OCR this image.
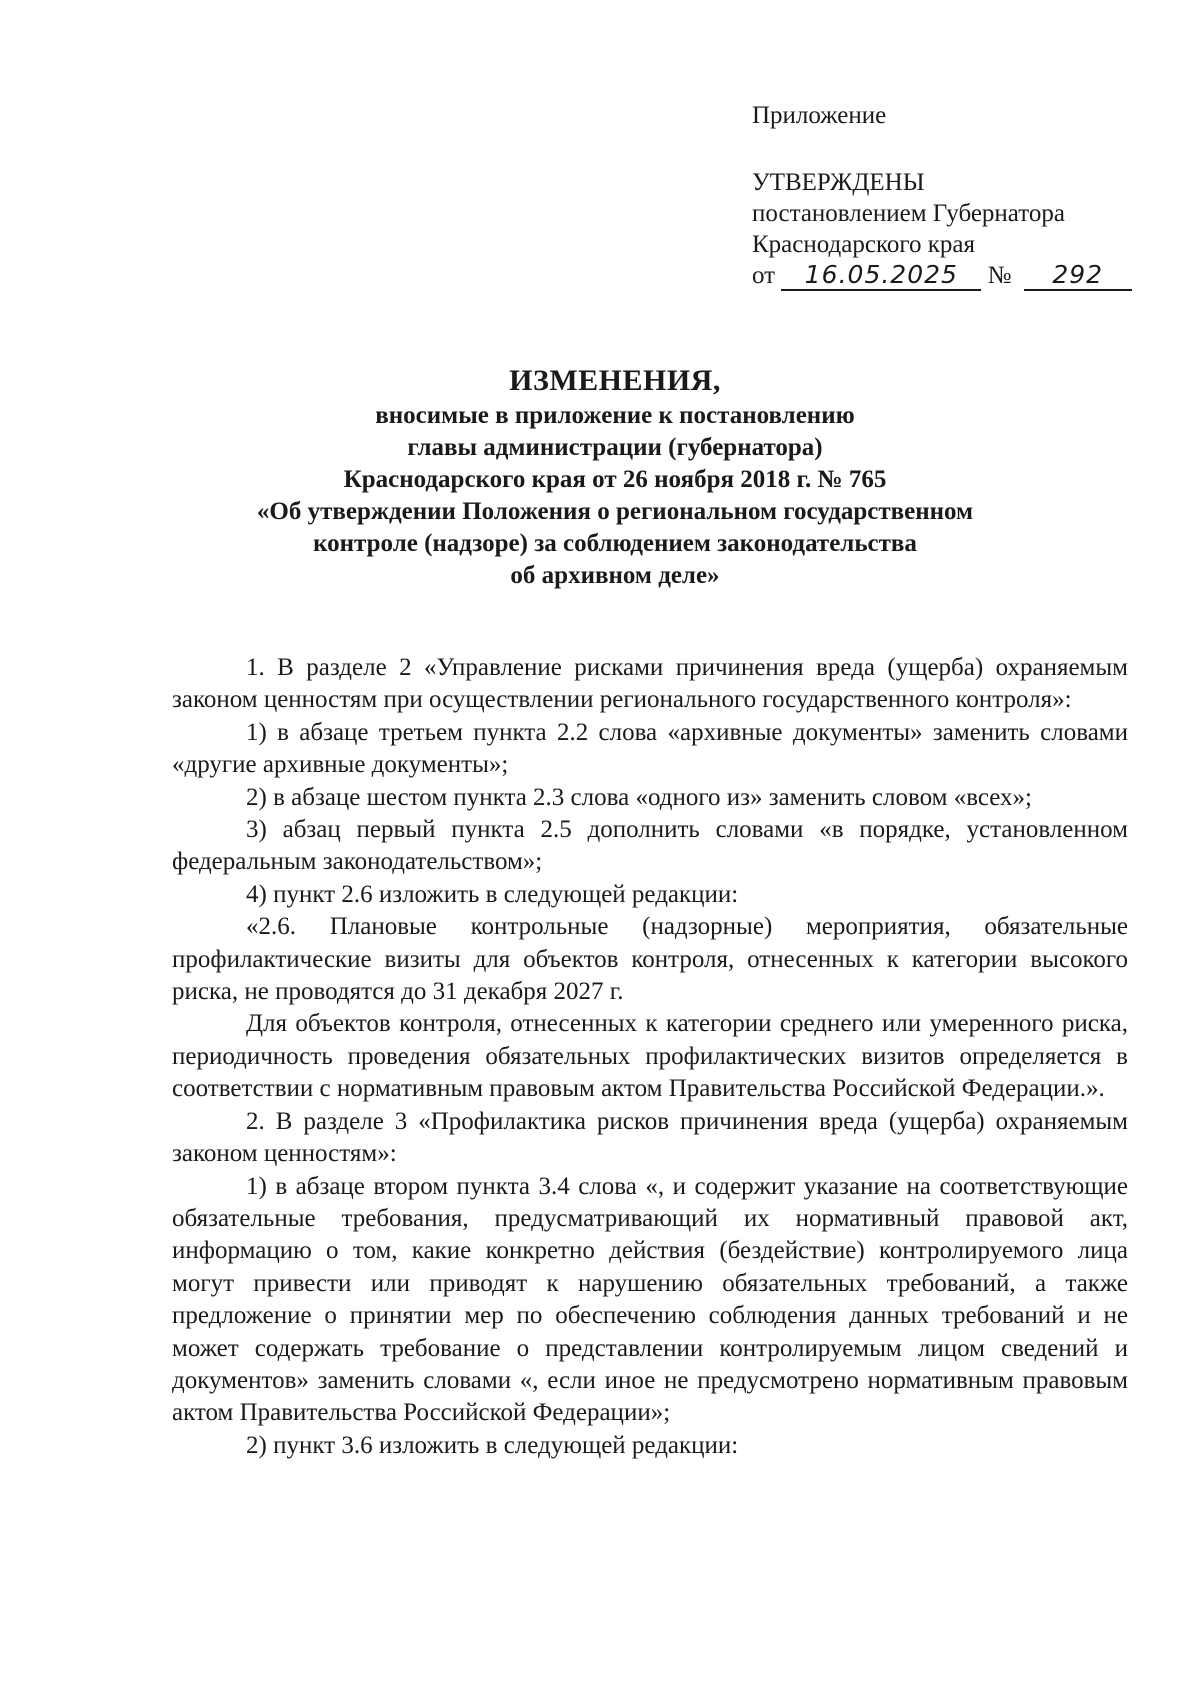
Приложение
УТВЕРЖДЕНЫ
постановлением Губернатора
Краснодарского края
от 16.05.2025 № 292
ИЗМЕНЕНИЯ,
вносимые в приложение к постановлению
главы администрации (губернатора)
Краснодарского края от 26 ноября 2018 г. № 765
«Об утверждении Положения о региональном государственном
контроле (надзоре) за соблюдением законодательства
об архивном деле»

1. В разделе 2 «Управление рисками причинения вреда (ущерба) охраняемым законом ценностям при осуществлении регионального государственного контроля»:

1) в абзаце третьем пункта 2.2 слова «архивные документы» заменить словами «другие архивные документы»;

2) в абзаце шестом пункта 2.3 слова «одного из» заменить словом «всех»;

3) абзац первый пункта 2.5 дополнить словами «в порядке, установленном федеральным законодательством»;

4) пункт 2.6 изложить в следующей редакции:

«2.6. Плановые контрольные (надзорные) мероприятия, обязательные профилактические визиты для объектов контроля, отнесенных к категории высокого риска, не проводятся до 31 декабря 2027 г.

Для объектов контроля, отнесенных к категории среднего или умеренного риска, периодичность проведения обязательных профилактических визитов определяется в соответствии с нормативным правовым актом Правительства Российской Федерации.».

2. В разделе 3 «Профилактика рисков причинения вреда (ущерба) охраняемым законом ценностям»:

1) в абзаце втором пункта 3.4 слова «, и содержит указание на соответствующие обязательные требования, предусматривающий их нормативный правовой акт, информацию о том, какие конкретно действия (бездействие) контролируемого лица могут привести или приводят к нарушению обязательных требований, а также предложение о принятии мер по обеспечению соблюдения данных требований и не может содержать требование о представлении контролируемым лицом сведений и документов» заменить словами «, если иное не предусмотрено нормативным правовым актом Правительства Российской Федерации»;

2) пункт 3.6 изложить в следующей редакции:
